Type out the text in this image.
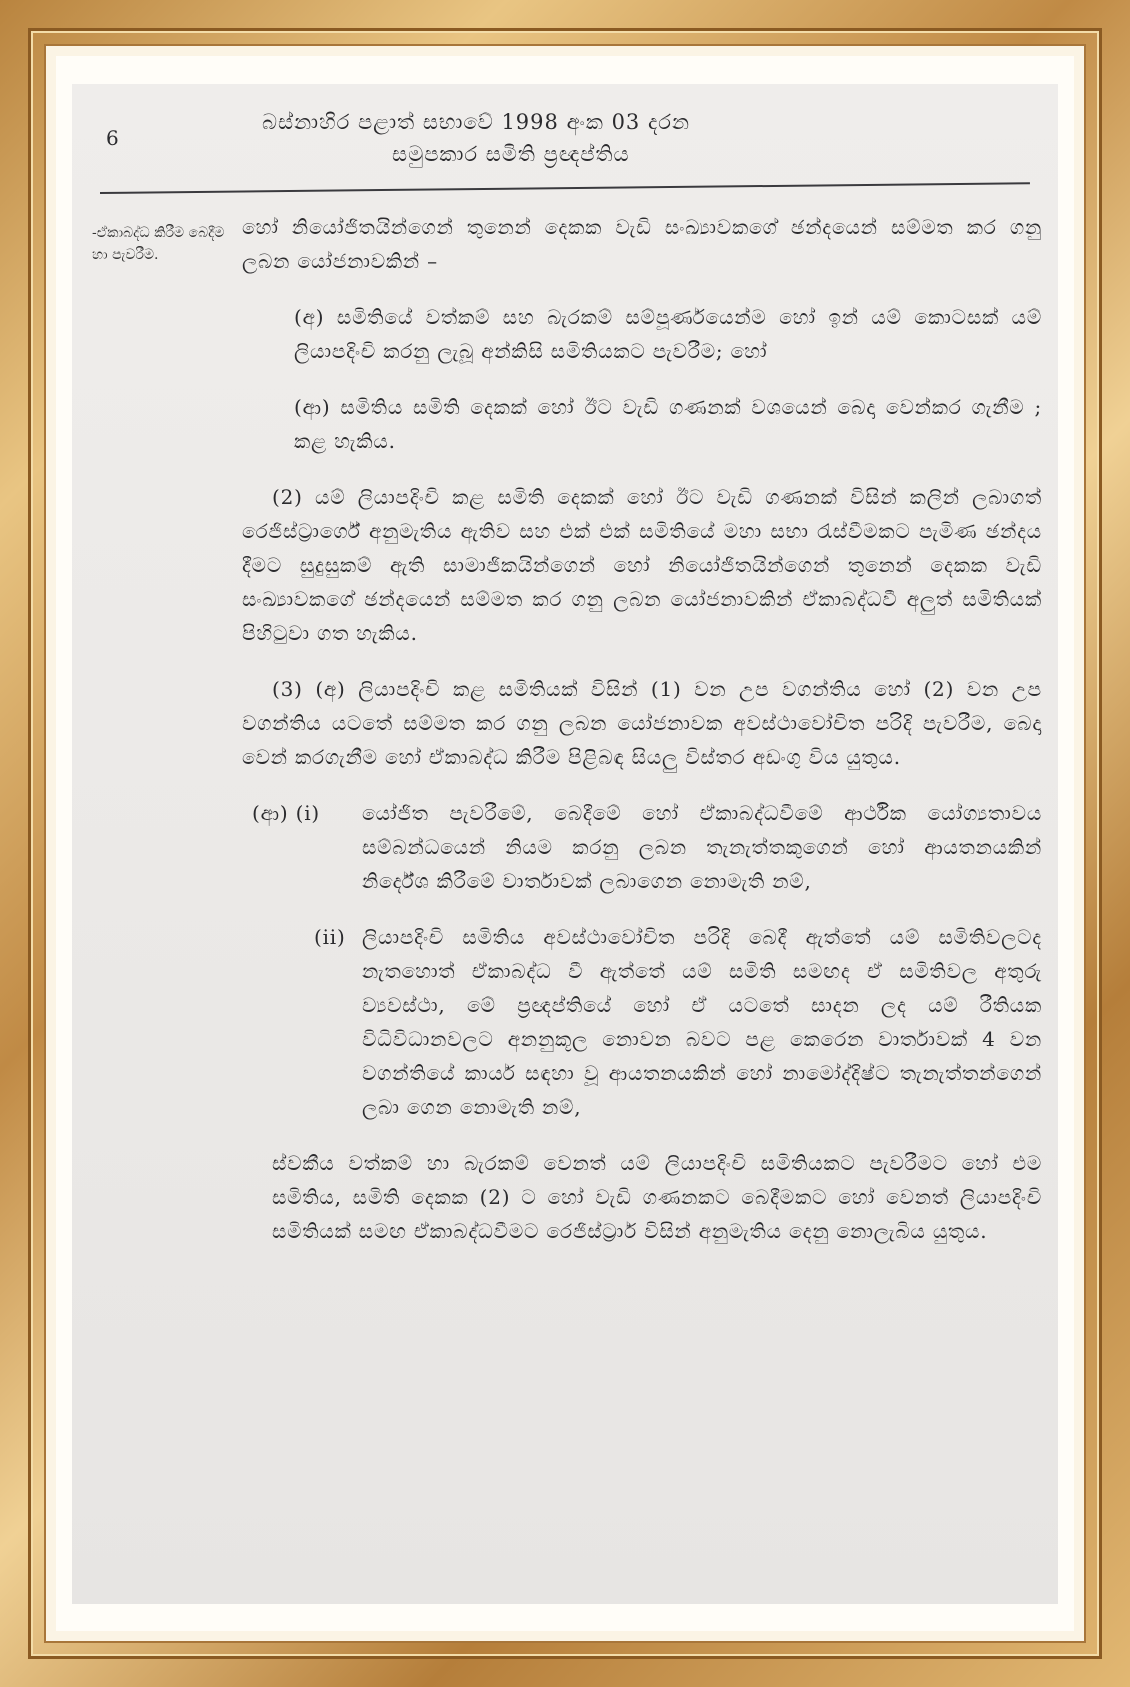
6
බස්නාහිර පළාත් සභාවේ 1998 අංක 03 දරන
සමුපකාර සමිති ප්‍රඥප්තිය
-ඒකාබද්ධ කිරීම බෙදීම හා පැවරීම.

හෝ නියෝජිතයින්ගෙන් තුනෙන් දෙකක වැඩි සංඛ්‍යාවකගේ ඡන්දයෙන් සම්මත කර ගනු ලබන යෝජනාවකින් –

(අ) සමිතියේ වත්කම් සහ බැරකම් සම්පූර්ණයෙන්ම හෝ ඉන් යම් කොටසක් යම් ලියාපදිංචි කරනු ලැබූ අන්කිසි සමිතියකට පැවරීම; හෝ

(ආ) සමිතිය සමිති දෙකක් හෝ ඊට වැඩි ගණනක් වශයෙන් බෙදා වෙන්කර ගැනීම ; කළ හැකිය.

(2) යම් ලියාපදිංචි කළ සමිති දෙකක් හෝ ඊට වැඩි ගණනක් විසින් කලින් ලබාගත් රෙජිස්ට්‍රාර්ගේ අනුමැතිය ඇතිව සහ එක් එක් සමිතියේ මහා සභා රැස්වීමකට පැමිණ ඡන්දය දීමට සුදුසුකම් ඇති සාමාජිකයින්ගෙන් හෝ නියෝජිතයින්ගෙන් තුනෙන් දෙකක වැඩි සංඛ්‍යාවකගේ ඡන්දයෙන් සම්මත කර ගනු ලබන යෝජනාවකින් ඒකාබද්ධවී අලුත් සමිතියක් පිහිටුවා ගත හැකිය.

(3) (අ) ලියාපදිංචි කළ සමිතියක් විසින් (1) වන උප වගන්තිය හෝ (2) වන උප වගන්තිය යටතේ සම්මත කර ගනු ලබන යෝජනාවක අවස්ථාවෝචිත පරිදි පැවරීම, බෙදා වෙන් කරගැනීම හෝ ඒකාබද්ධ කිරීම පිළිබඳ සියලු විස්තර අඩංගු විය යුතුය.

(ආ) (i) යෝජිත පැවරීමේ, බෙදීමේ හෝ ඒකාබද්ධවීමේ ආර්ථික යෝග්‍යතාවය සම්බන්ධයෙන් නියම කරනු ලබන තැනැත්තකුගෙන් හෝ ආයතනයකින් නිර්දේශ කිරීමේ වාර්තාවක් ලබාගෙන නොමැති නම්,
(ii) ලියාපදිංචි සමිතිය අවස්ථාවෝචිත පරිදි බෙදී ඇත්තේ යම් සමිතිවලටද නැතහොත් ඒකාබද්ධ වී ඇත්තේ යම් සමිති සමඟද ඒ සමිතිවල අතුරු ව්‍යවස්ථා, මේ ප්‍රඥප්තියේ හෝ ඒ යටතේ සාදන ලද යම් රීතියක විධිවිධානවලට අනනුකූල නොවන බවට පළ කෙරෙන වාර්තාවක් 4 වන වගන්තියේ කාර්ය සඳහා වූ ආයතනයකින් හෝ නාමෝද්දිෂ්ට තැනැත්තන්ගෙන් ලබා ගෙන නොමැති නම්,

ස්වකීය වත්කම් හා බැරකම් වෙනත් යම් ලියාපදිංචි සමිතියකට පැවරීමට හෝ එම සමිතිය, සමිති දෙකක (2) ට හෝ වැඩි ගණනකට බෙදීමකට හෝ වෙනත් ලියාපදිංචි සමිතියක් සමඟ ඒකාබද්ධවීමට රෙජිස්ට්‍රාර් විසින් අනුමැතිය දෙනු නොලැබිය යුතුය.
